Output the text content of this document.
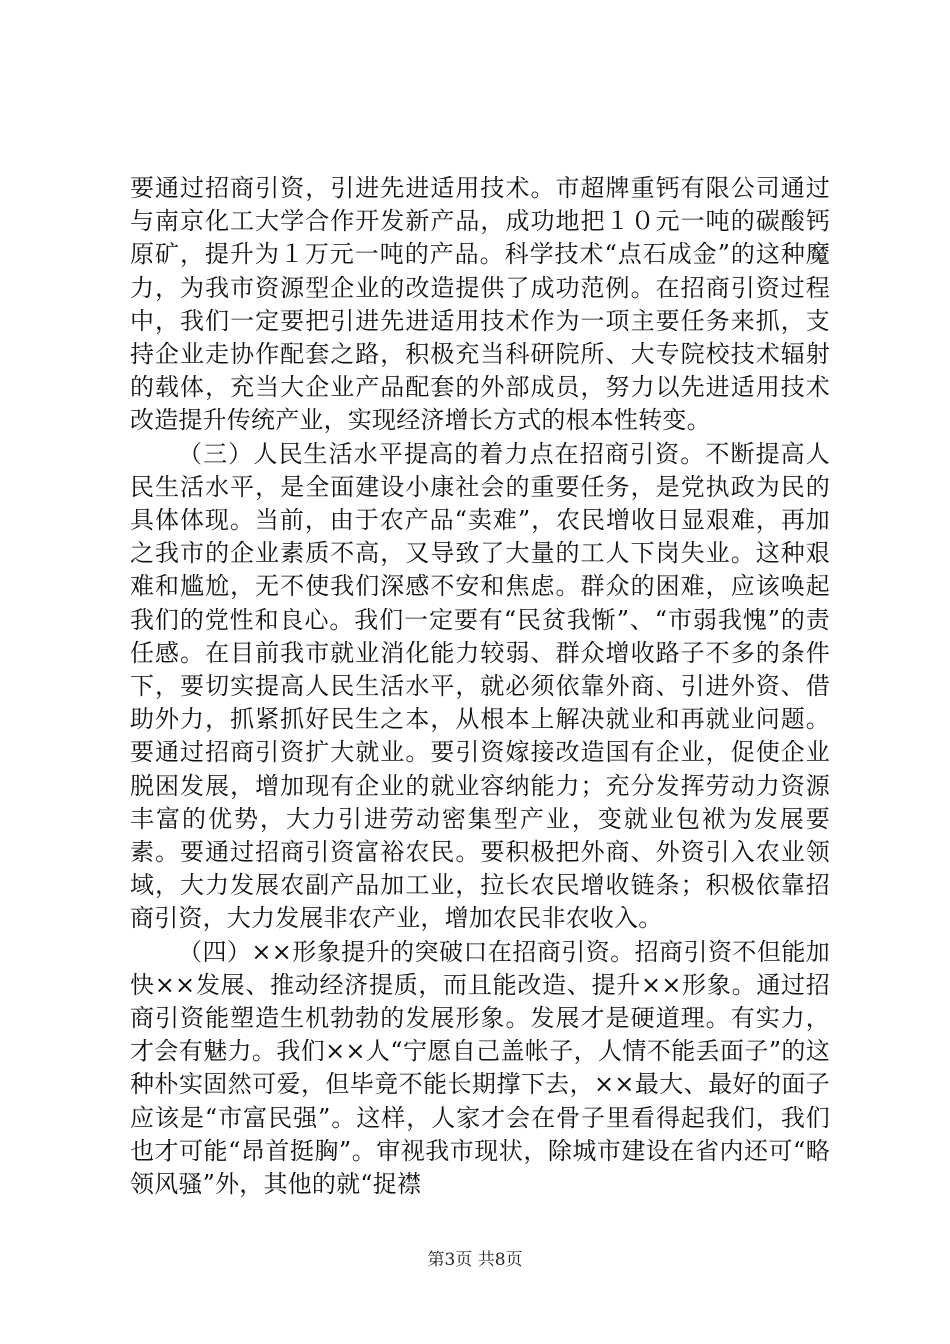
要通过招商引资，引进先进适用技术。市超牌重钙有限公司通过与南京化工大学合作开发新产品，成功地把１０元一吨的碳酸钙原矿，提升为１万元一吨的产品。科学技术“点石成金”的这种魔力，为我市资源型企业的改造提供了成功范例。在招商引资过程中，我们一定要把引进先进适用技术作为一项主要任务来抓，支持企业走协作配套之路，积极充当科研院所、大专院校技术辐射的载体，充当大企业产品配套的外部成员，努力以先进适用技术改造提升传统产业，实现经济增长方式的根本性转变。

（三）人民生活水平提高的着力点在招商引资。不断提高人民生活水平，是全面建设小康社会的重要任务，是党执政为民的具体体现。当前，由于农产品“卖难”，农民增收日显艰难，再加之我市的企业素质不高，又导致了大量的工人下岗失业。这种艰难和尴尬，无不使我们深感不安和焦虑。群众的困难，应该唤起我们的党性和良心。我们一定要有“民贫我惭”、“市弱我愧”的责任感。在目前我市就业消化能力较弱、群众增收路子不多的条件下，要切实提高人民生活水平，就必须依靠外商、引进外资、借助外力，抓紧抓好民生之本，从根本上解决就业和再就业问题。要通过招商引资扩大就业。要引资嫁接改造国有企业，促使企业脱困发展，增加现有企业的就业容纳能力；充分发挥劳动力资源丰富的优势，大力引进劳动密集型产业，变就业包袱为发展要素。要通过招商引资富裕农民。要积极把外商、外资引入农业领域，大力发展农副产品加工业，拉长农民增收链条；积极依靠招商引资，大力发展非农产业，增加农民非农收入。

（四）××形象提升的突破口在招商引资。招商引资不但能加快××发展、推动经济提质，而且能改造、提升××形象。通过招商引资能塑造生机勃勃的发展形象。发展才是硬道理。有实力，才会有魅力。我们××人“宁愿自己盖帐子，人情不能丢面子”的这种朴实固然可爱，但毕竟不能长期撑下去，××最大、最好的面子应该是“市富民强”。这样，人家才会在骨子里看得起我们，我们也才可能“昂首挺胸”。审视我市现状，除城市建设在省内还可“略领风骚”外，其他的就“捉襟

第3页 共8页
